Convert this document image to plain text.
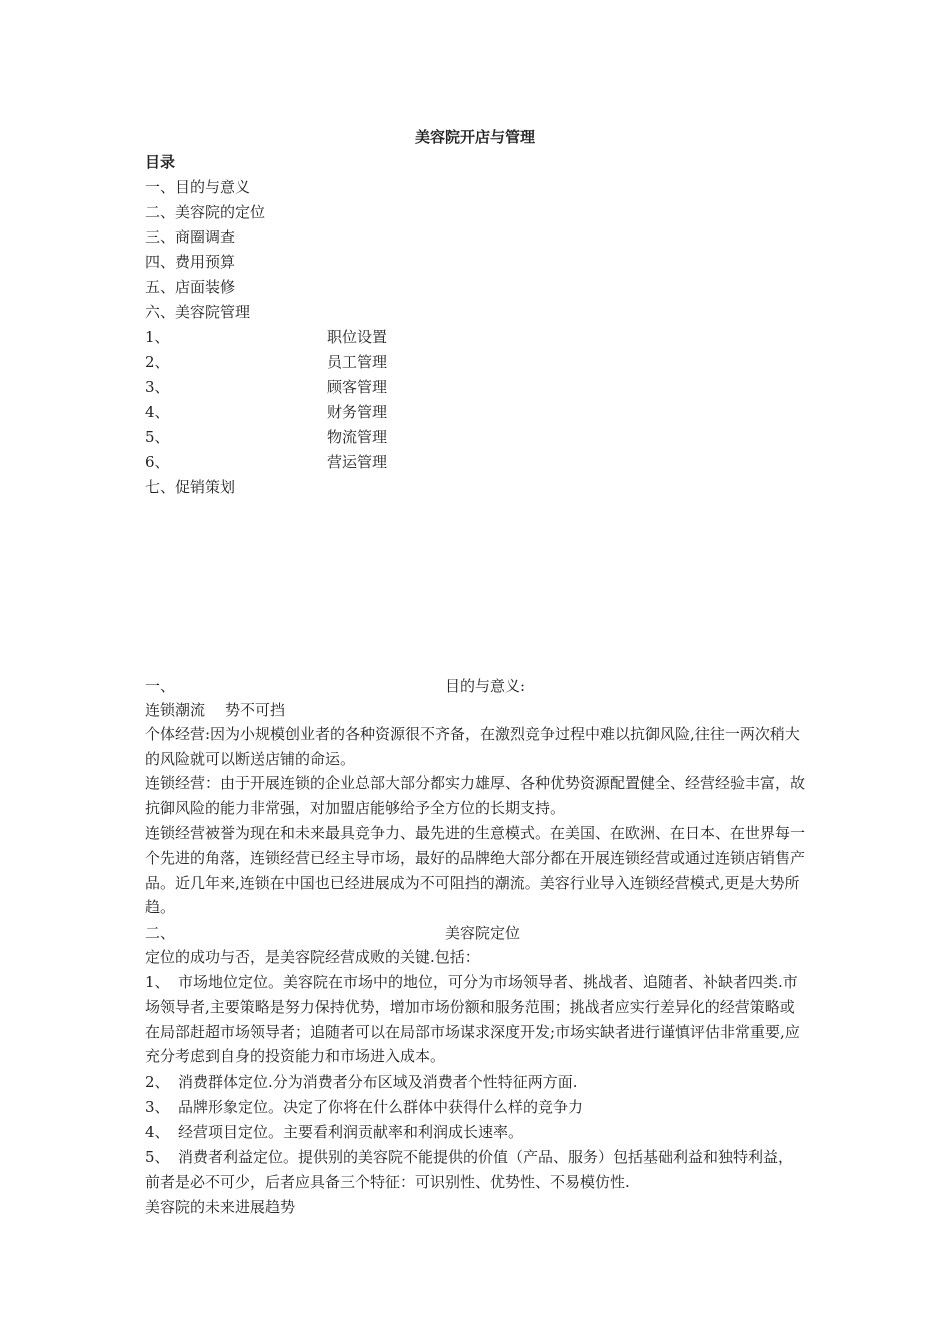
美容院开店与管理
目录
一、目的与意义
二、美容院的定位
三、商圈调查
四、费用预算
五、店面装修
六、美容院管理
1、	职位设置
2、	员工管理
3、	顾客管理
4、	财务管理
5、	物流管理
6、	营运管理
七、促销策划
一、	目的与意义:
连锁潮流 势不可挡
个体经营:因为小规模创业者的各种资源很不齐备，在激烈竞争过程中难以抗御风险,往往一两次稍大的风险就可以断送店铺的命运。
连锁经营：由于开展连锁的企业总部大部分都实力雄厚、各种优势资源配置健全、经营经验丰富，故抗御风险的能力非常强，对加盟店能够给予全方位的长期支持。
连锁经营被誉为现在和未来最具竞争力、最先进的生意模式。在美国、在欧洲、在日本、在世界每一个先进的角落，连锁经营已经主导市场，最好的品牌绝大部分都在开展连锁经营或通过连锁店销售产品。近几年来,连锁在中国也已经进展成为不可阻挡的潮流。美容行业导入连锁经营模式,更是大势所趋。
二、	美容院定位
定位的成功与否，是美容院经营成败的关键.包括：
1、 市场地位定位。美容院在市场中的地位，可分为市场领导者、挑战者、追随者、补缺者四类.市场领导者,主要策略是努力保持优势，增加市场份额和服务范围；挑战者应实行差异化的经营策略或在局部赶超市场领导者；追随者可以在局部市场谋求深度开发;市场实缺者进行谨慎评估非常重要,应充分考虑到自身的投资能力和市场进入成本。
2、 消费群体定位.分为消费者分布区域及消费者个性特征两方面.
3、 品牌形象定位。决定了你将在什么群体中获得什么样的竞争力
4、 经营项目定位。主要看利润贡献率和利润成长速率。
5、 消费者利益定位。提供别的美容院不能提供的价值（产品、服务）包括基础利益和独特利益，前者是必不可少，后者应具备三个特征：可识别性、优势性、不易模仿性.
美容院的未来进展趋势
